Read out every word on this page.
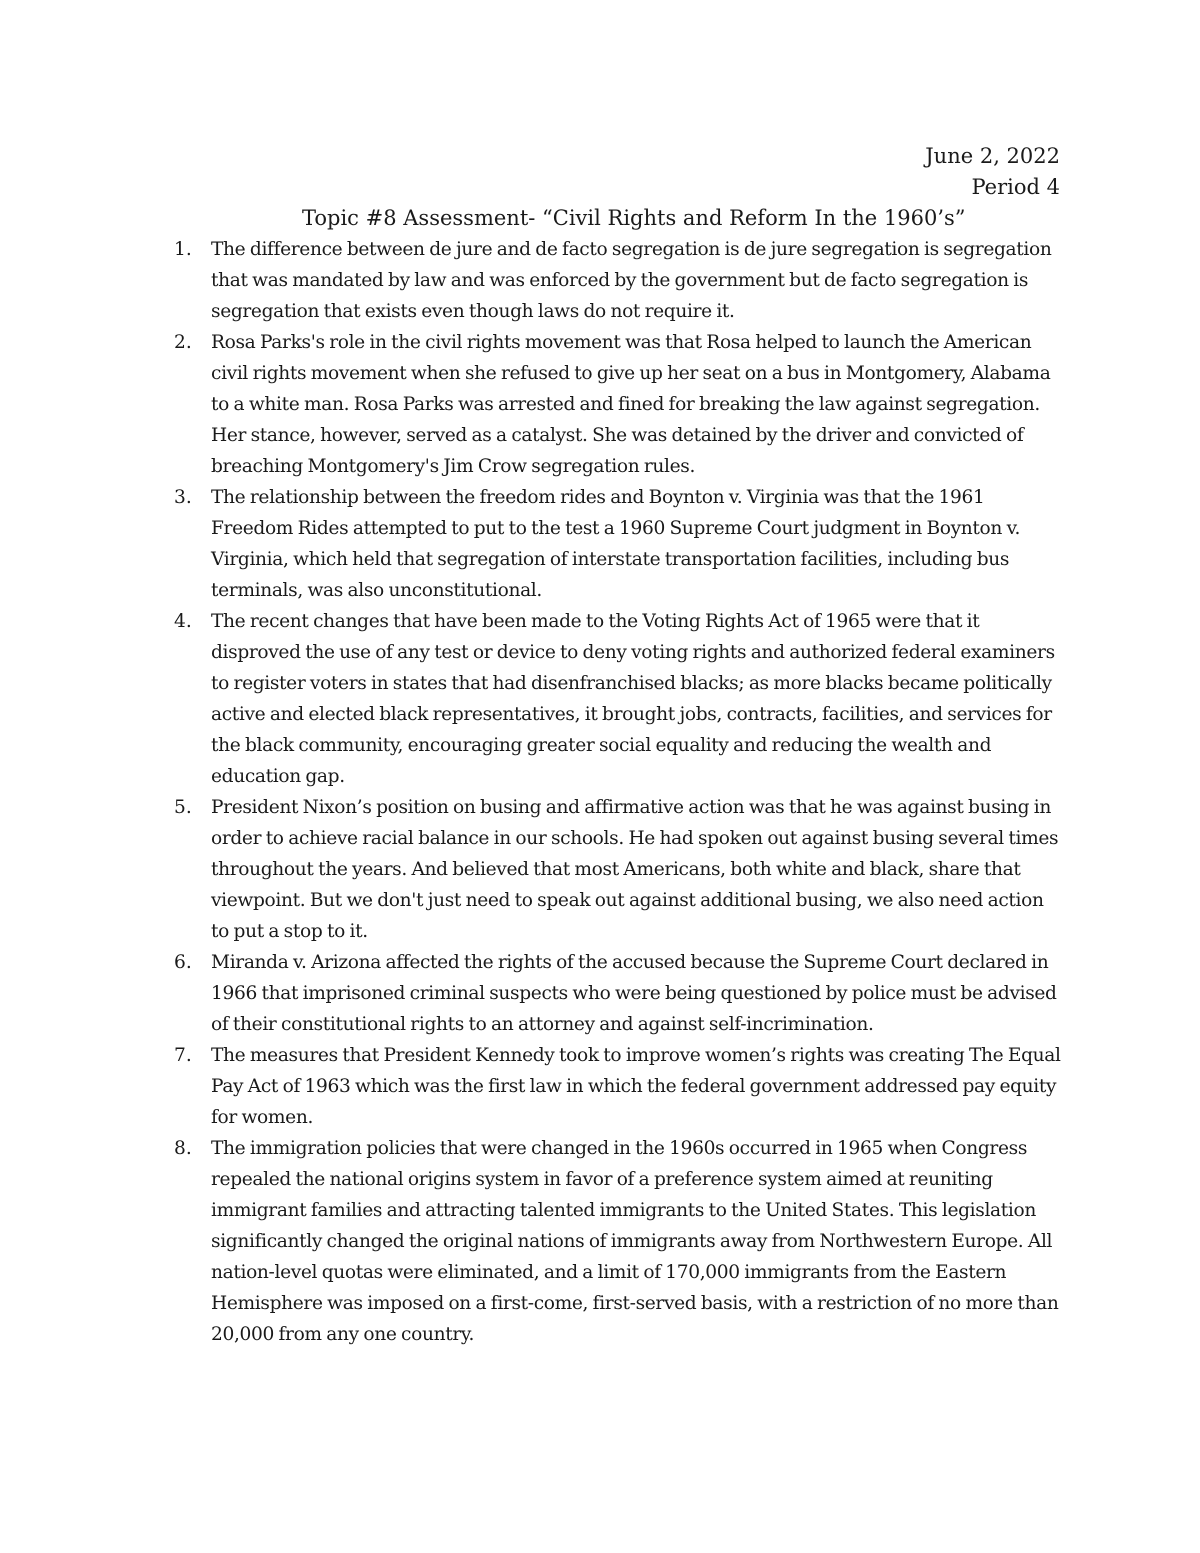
June 2, 2022
Period 4
Topic #8 Assessment- “Civil Rights and Reform In the 1960’s”
1. The difference between de jure and de facto segregation is de jure segregation is segregation that was mandated by law and was enforced by the government but de facto segregation is segregation that exists even though laws do not require it.
2. Rosa Parks's role in the civil rights movement was that Rosa helped to launch the American civil rights movement when she refused to give up her seat on a bus in Montgomery, Alabama to a white man. Rosa Parks was arrested and fined for breaking the law against segregation. Her stance, however, served as a catalyst. She was detained by the driver and convicted of breaching Montgomery's Jim Crow segregation rules.
3. The relationship between the freedom rides and Boynton v. Virginia was that the 1961 Freedom Rides attempted to put to the test a 1960 Supreme Court judgment in Boynton v. Virginia, which held that segregation of interstate transportation facilities, including bus terminals, was also unconstitutional.
4. The recent changes that have been made to the Voting Rights Act of 1965 were that it disproved the use of any test or device to deny voting rights and authorized federal examiners to register voters in states that had disenfranchised blacks; as more blacks became politically active and elected black representatives, it brought jobs, contracts, facilities, and services for the black community, encouraging greater social equality and reducing the wealth and education gap.
5. President Nixon’s position on busing and affirmative action was that he was against busing in order to achieve racial balance in our schools. He had spoken out against busing several times throughout the years. And believed that most Americans, both white and black, share that viewpoint. But we don't just need to speak out against additional busing, we also need action to put a stop to it.
6. Miranda v. Arizona affected the rights of the accused because the Supreme Court declared in 1966 that imprisoned criminal suspects who were being questioned by police must be advised of their constitutional rights to an attorney and against self-incrimination.
7. The measures that President Kennedy took to improve women’s rights was creating The Equal Pay Act of 1963 which was the first law in which the federal government addressed pay equity for women.
8. The immigration policies that were changed in the 1960s occurred in 1965 when Congress repealed the national origins system in favor of a preference system aimed at reuniting immigrant families and attracting talented immigrants to the United States. This legislation significantly changed the original nations of immigrants away from Northwestern Europe. All nation-level quotas were eliminated, and a limit of 170,000 immigrants from the Eastern Hemisphere was imposed on a first-come, first-served basis, with a restriction of no more than 20,000 from any one country.
